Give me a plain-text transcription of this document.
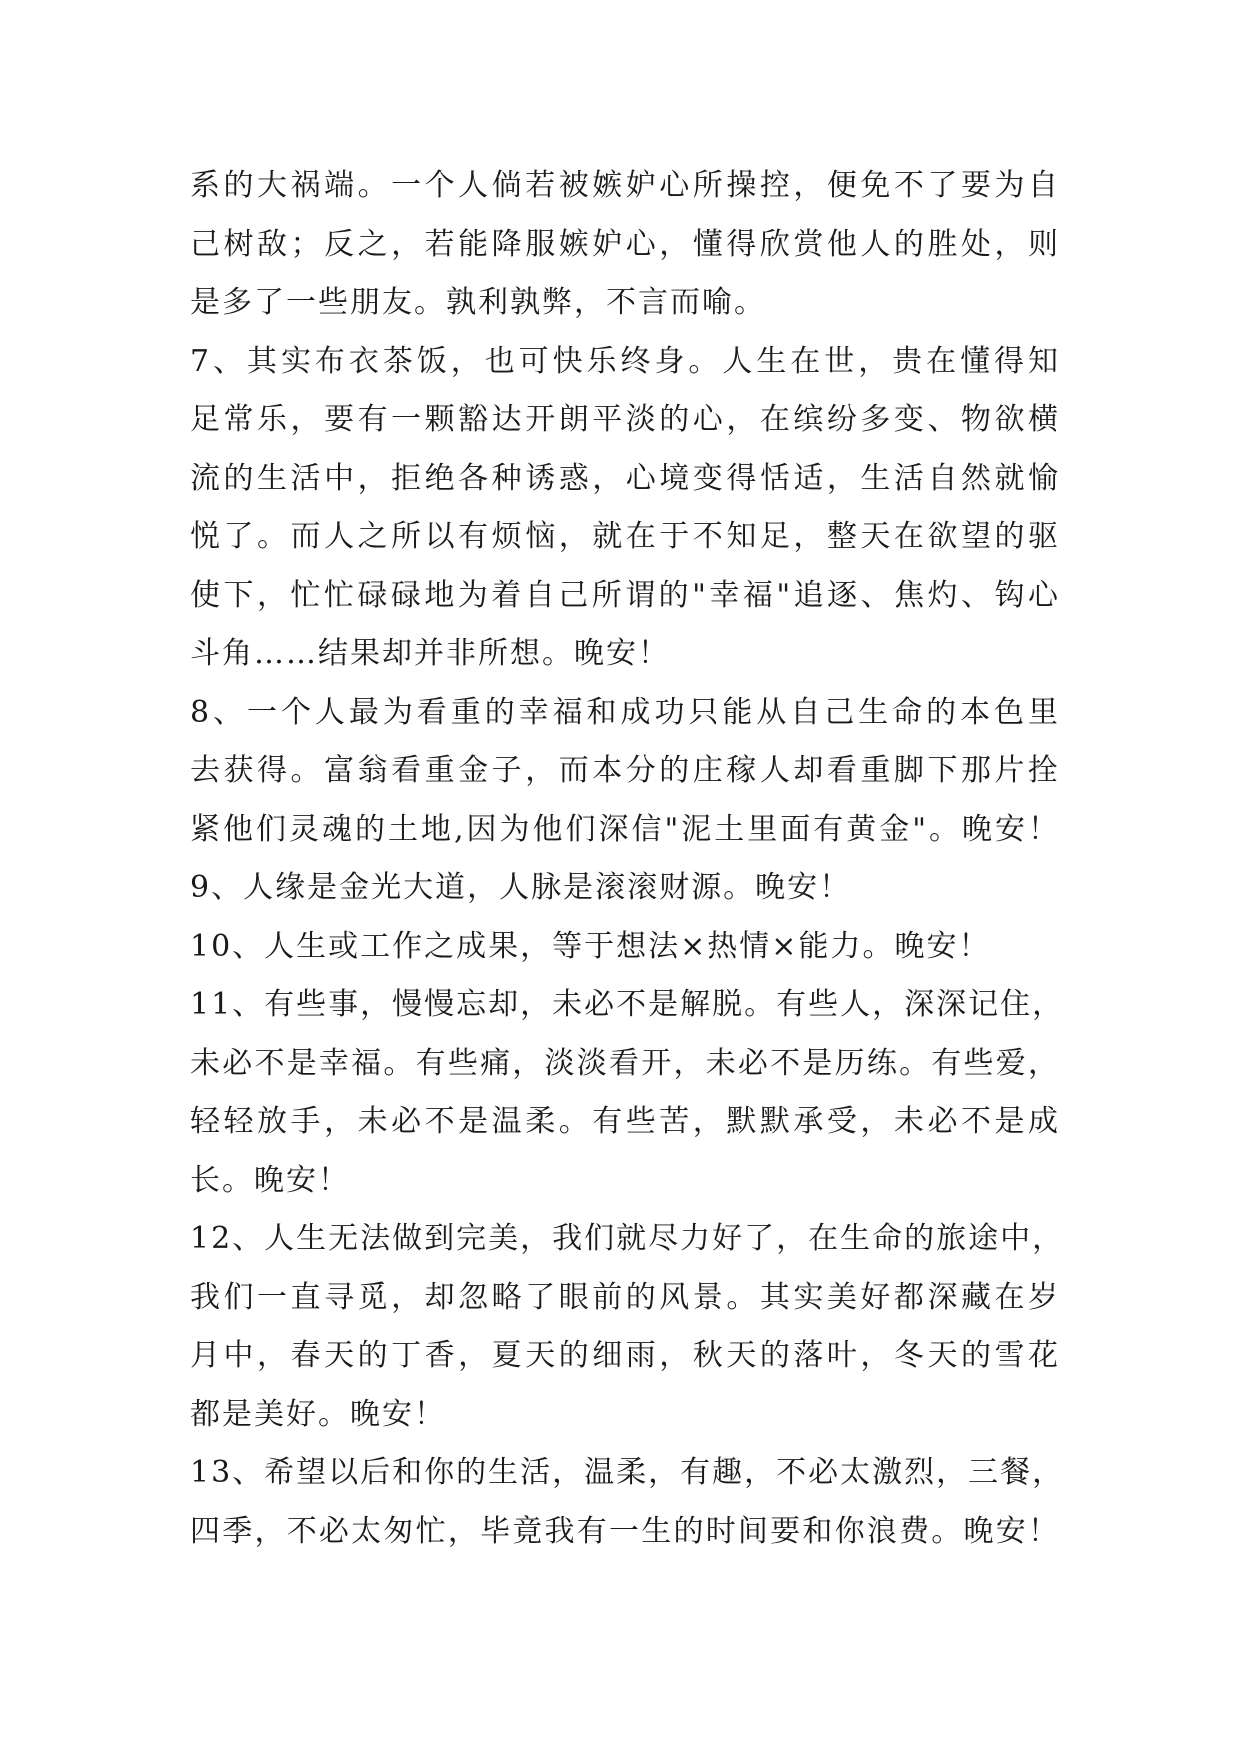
系的大祸端。一个人倘若被嫉妒心所操控，便免不了要为自
己树敌；反之，若能降服嫉妒心，懂得欣赏他人的胜处，则
是多了一些朋友。孰利孰弊，不言而喻。
7、其实布衣茶饭，也可快乐终身。人生在世，贵在懂得知
足常乐，要有一颗豁达开朗平淡的心，在缤纷多变、物欲横
流的生活中，拒绝各种诱惑，心境变得恬适，生活自然就愉
悦了。而人之所以有烦恼，就在于不知足，整天在欲望的驱
使下，忙忙碌碌地为着自己所谓的"幸福"追逐、焦灼、钩心
斗角……结果却并非所想。晚安！
8、一个人最为看重的幸福和成功只能从自己生命的本色里
去获得。富翁看重金子，而本分的庄稼人却看重脚下那片拴
紧他们灵魂的土地,因为他们深信"泥土里面有黄金"。晚安！
9、人缘是金光大道，人脉是滚滚财源。晚安！
10、人生或工作之成果，等于想法×热情×能力。晚安！
11、有些事，慢慢忘却，未必不是解脱。有些人，深深记住，
未必不是幸福。有些痛，淡淡看开，未必不是历练。有些爱，
轻轻放手，未必不是温柔。有些苦，默默承受，未必不是成
长。晚安！
12、人生无法做到完美，我们就尽力好了，在生命的旅途中，
我们一直寻觅，却忽略了眼前的风景。其实美好都深藏在岁
月中，春天的丁香，夏天的细雨，秋天的落叶，冬天的雪花
都是美好。晚安！
13、希望以后和你的生活，温柔，有趣，不必太激烈，三餐，
四季，不必太匆忙，毕竟我有一生的时间要和你浪费。晚安！
